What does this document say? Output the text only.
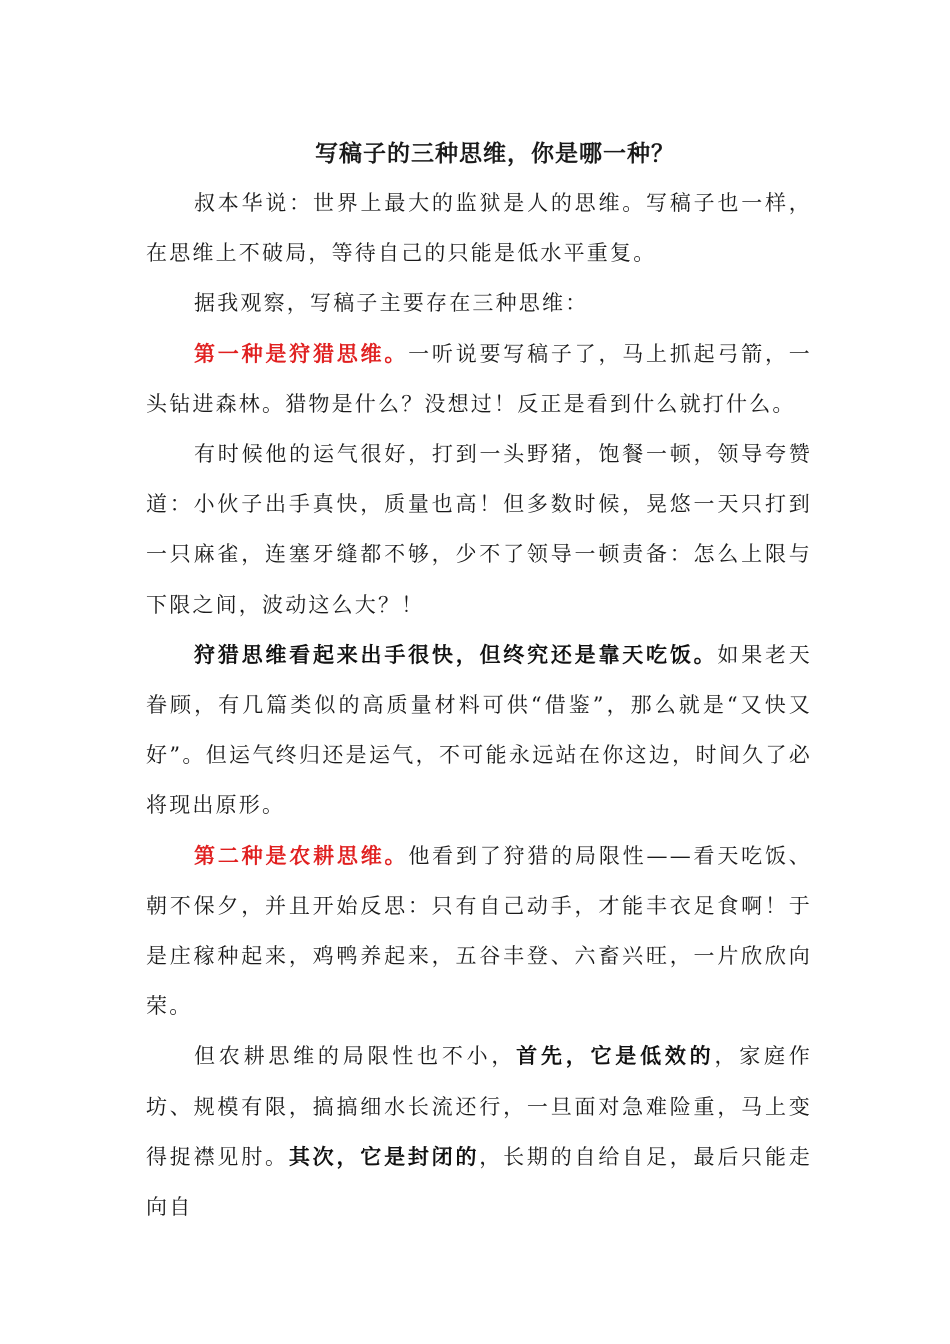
写稿子的三种思维，你是哪一种？

叔本华说：世界上最大的监狱是人的思维。写稿子也一样，在思维上不破局，等待自己的只能是低水平重复。

据我观察，写稿子主要存在三种思维：

第一种是狩猎思维。一听说要写稿子了，马上抓起弓箭，一头钻进森林。猎物是什么？没想过！反正是看到什么就打什么。

有时候他的运气很好，打到一头野猪，饱餐一顿，领导夸赞道：小伙子出手真快，质量也高！但多数时候，晃悠一天只打到一只麻雀，连塞牙缝都不够，少不了领导一顿责备：怎么上限与下限之间，波动这么大？！

狩猎思维看起来出手很快，但终究还是靠天吃饭。如果老天眷顾，有几篇类似的高质量材料可供“借鉴”，那么就是“又快又好”。但运气终归还是运气，不可能永远站在你这边，时间久了必将现出原形。

第二种是农耕思维。他看到了狩猎的局限性——看天吃饭、朝不保夕，并且开始反思：只有自己动手，才能丰衣足食啊！于是庄稼种起来，鸡鸭养起来，五谷丰登、六畜兴旺，一片欣欣向荣。

但农耕思维的局限性也不小，首先，它是低效的，家庭作坊、规模有限，搞搞细水长流还行，一旦面对急难险重，马上变得捉襟见肘。其次，它是封闭的，长期的自给自足，最后只能走向自
